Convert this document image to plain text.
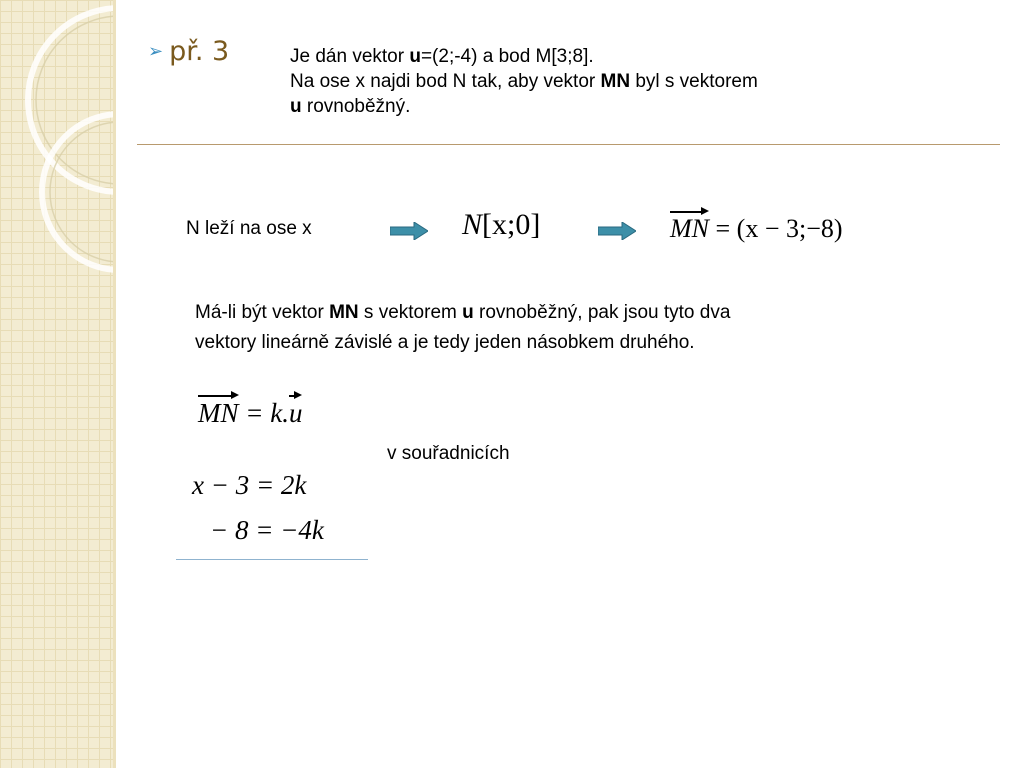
➢ př. 3	Je dán vektor u=(2;-4) a bod M[3;8].
Na ose x najdi bod N tak, aby vektor MN byl s vektorem
u rovnoběžný.
N leží na ose x	N[x;0]	MN = (x − 3;−8)
Má-li být vektor MN s vektorem u rovnoběžný, pak jsou tyto dva
vektory lineárně závislé a je tedy jeden násobkem druhého.
MN = k.u
v souřadnicích
x − 3 = 2k
− 8 = −4k
